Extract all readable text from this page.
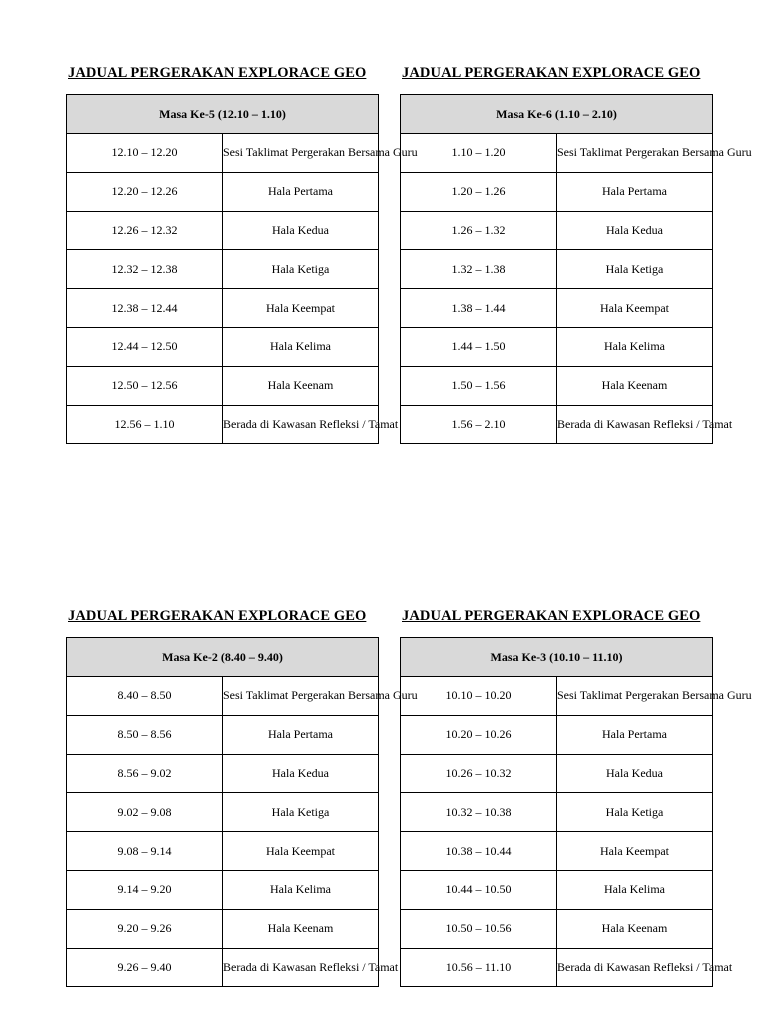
JADUAL PERGERAKAN EXPLORACE GEO
Masa Ke-5 (12.10 – 1.10)	
12.10 – 12.20	Sesi Taklimat Pergerakan Bersama Guru
12.20 – 12.26	Hala Pertama
12.26 – 12.32	Hala Kedua
12.32 – 12.38	Hala Ketiga
12.38 – 12.44	Hala Keempat
12.44 – 12.50	Hala Kelima
12.50 – 12.56	Hala Keenam
12.56 – 1.10	Berada di Kawasan Refleksi / Tamat
JADUAL PERGERAKAN EXPLORACE GEO
Masa Ke-6 (1.10 – 2.10)	
1.10 – 1.20	Sesi Taklimat Pergerakan Bersama Guru
1.20 – 1.26	Hala Pertama
1.26 – 1.32	Hala Kedua
1.32 – 1.38	Hala Ketiga
1.38 – 1.44	Hala Keempat
1.44 – 1.50	Hala Kelima
1.50 – 1.56	Hala Keenam
1.56 – 2.10	Berada di Kawasan Refleksi / Tamat
JADUAL PERGERAKAN EXPLORACE GEO
Masa Ke-2 (8.40 – 9.40)	
8.40 – 8.50	Sesi Taklimat Pergerakan Bersama Guru
8.50 – 8.56	Hala Pertama
8.56 – 9.02	Hala Kedua
9.02 – 9.08	Hala Ketiga
9.08 – 9.14	Hala Keempat
9.14 – 9.20	Hala Kelima
9.20 – 9.26	Hala Keenam
9.26 – 9.40	Berada di Kawasan Refleksi / Tamat
JADUAL PERGERAKAN EXPLORACE GEO
Masa Ke-3 (10.10 – 11.10)	
10.10 – 10.20	Sesi Taklimat Pergerakan Bersama Guru
10.20 – 10.26	Hala Pertama
10.26 – 10.32	Hala Kedua
10.32 – 10.38	Hala Ketiga
10.38 – 10.44	Hala Keempat
10.44 – 10.50	Hala Kelima
10.50 – 10.56	Hala Keenam
10.56 – 11.10	Berada di Kawasan Refleksi / Tamat
